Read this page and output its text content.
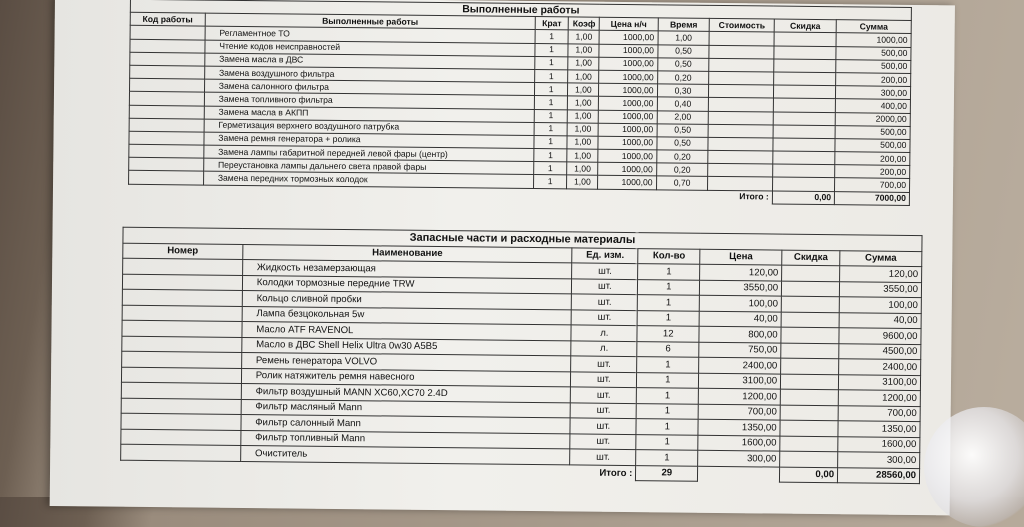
Выполненные работы								
Код работы	Выполненные работы	Крат	Коэф	Цена н/ч	Время	Стоимость	Скидка	Сумма
	Регламентное ТО	1	1,00	1000,00	1,00			1000,00
	Чтение кодов неисправностей	1	1,00	1000,00	0,50			500,00
	Замена масла в ДВС	1	1,00	1000,00	0,50			500,00
	Замена воздушного фильтра	1	1,00	1000,00	0,20			200,00
	Замена салонного фильтра	1	1,00	1000,00	0,30			300,00
	Замена топливного фильтра	1	1,00	1000,00	0,40			400,00
	Замена масла в АКПП	1	1,00	1000,00	2,00			2000,00
	Герметизация верхнего воздушного патрубка	1	1,00	1000,00	0,50			500,00
	Замена ремня генератора + ролика	1	1,00	1000,00	0,50			500,00
	Замена лампы габаритной передней левой фары (центр)	1	1,00	1000,00	0,20			200,00
	Переустановка лампы дальнего света правой фары	1	1,00	1000,00	0,20			200,00
	Замена передних тормозных колодок	1	1,00	1000,00	0,70			700,00
						Итого :	0,00	7000,00
Запасные части и расходные материалы						
Номер	Наименование	Ед. изм.	Кол-во	Цена	Скидка	Сумма
	Жидкость незамерзающая	шт.	1	120,00		120,00
	Колодки тормозные передние TRW	шт.	1	3550,00		3550,00
	Кольцо сливной пробки	шт.	1	100,00		100,00
	Лампа безцокольная 5w	шт.	1	40,00		40,00
	Масло ATF RAVENOL	л.	12	800,00		9600,00
	Масло в ДВС Shell Helix Ultra 0w30 A5B5	л.	6	750,00		4500,00
	Ремень генератора VOLVO	шт.	1	2400,00		2400,00
	Ролик натяжитель ремня навесного	шт.	1	3100,00		3100,00
	Фильтр воздушный MANN XC60,XC70 2.4D	шт.	1	1200,00		1200,00
	Фильтр масляный Mann	шт.	1	700,00		700,00
	Фильтр салонный Mann	шт.	1	1350,00		1350,00
	Фильтр топливный Mann	шт.	1	1600,00		1600,00
	Очиститель	шт.	1	300,00		300,00
		Итого :	29		0,00	28560,00
